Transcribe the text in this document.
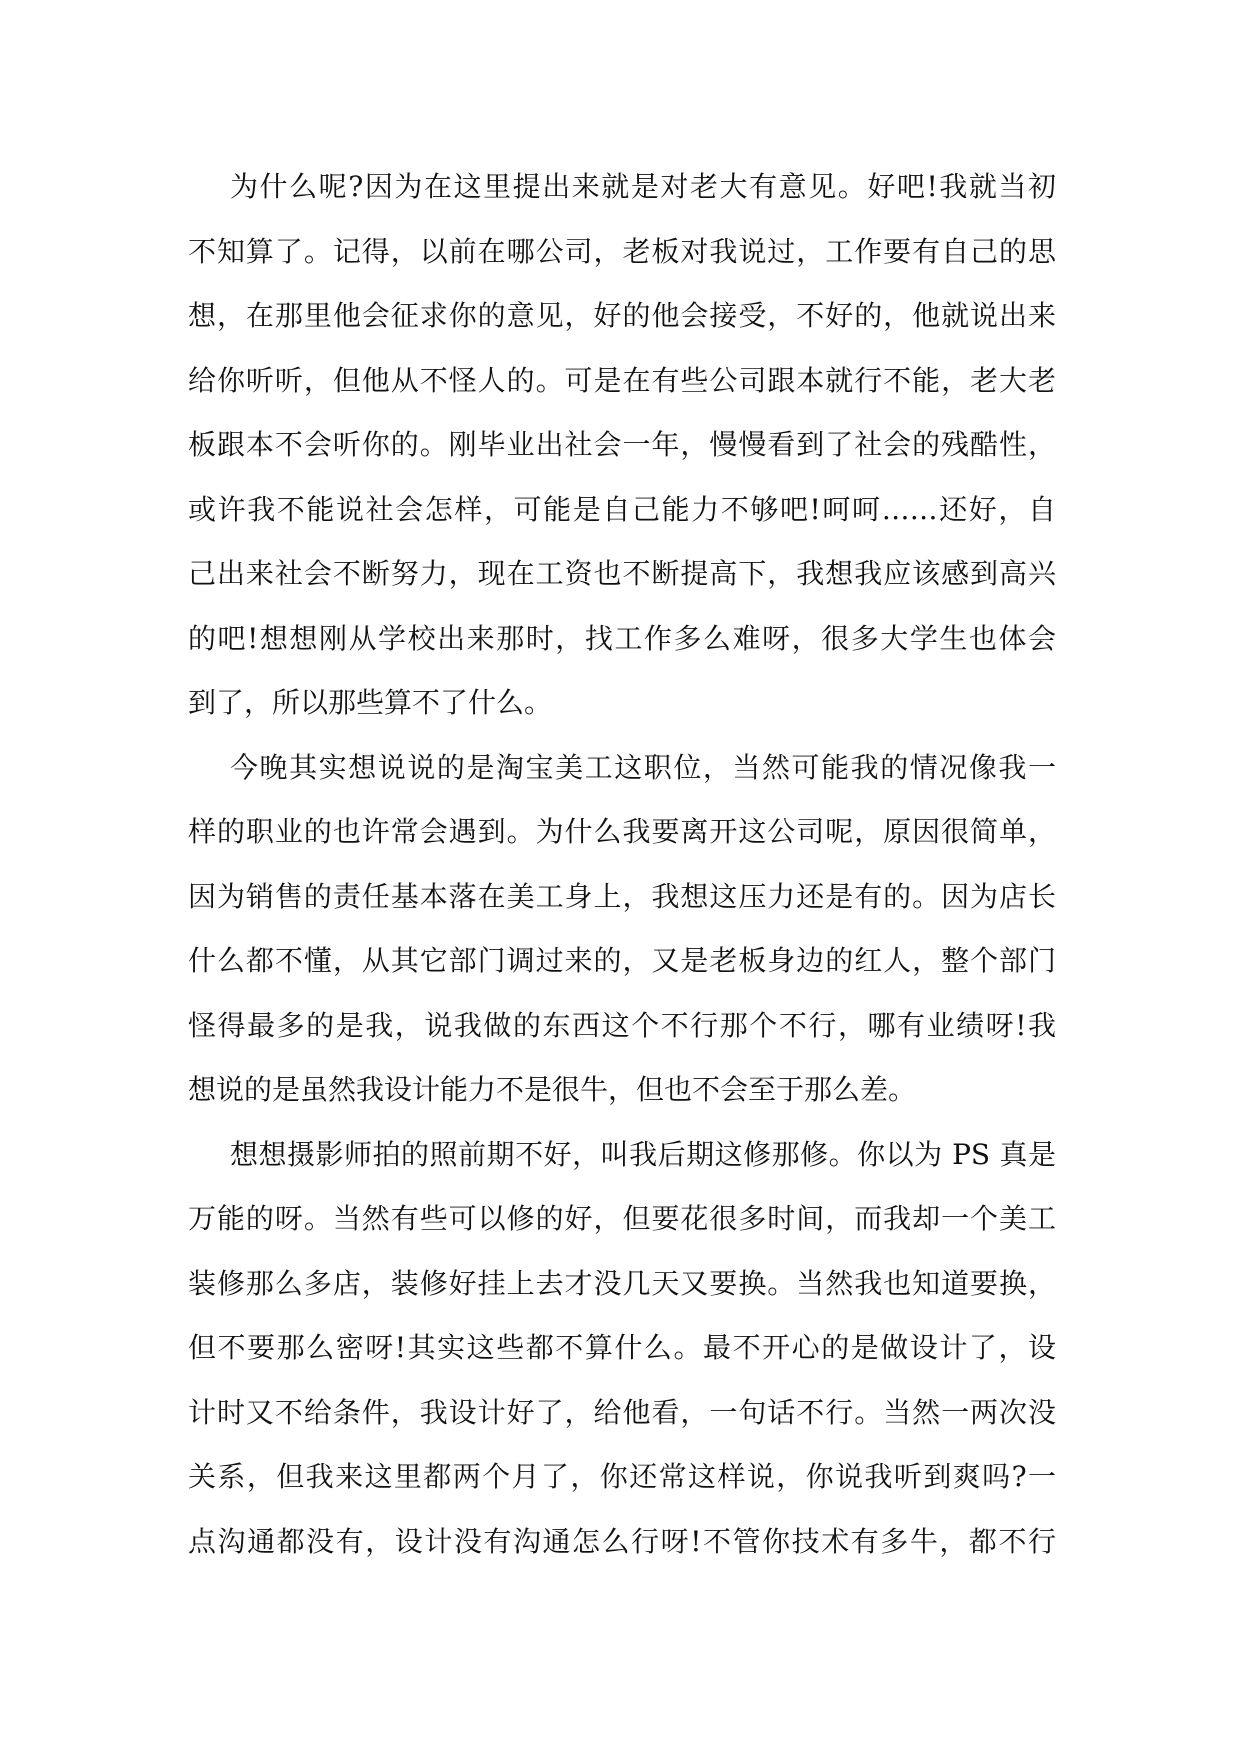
为什么呢?因为在这里提出来就是对老大有意见。好吧!我就当初
不知算了。记得，以前在哪公司，老板对我说过，工作要有自己的思
想，在那里他会征求你的意见，好的他会接受，不好的，他就说出来
给你听听，但他从不怪人的。可是在有些公司跟本就行不能，老大老
板跟本不会听你的。刚毕业出社会一年，慢慢看到了社会的残酷性，
或许我不能说社会怎样，可能是自己能力不够吧!呵呵……还好，自
己出来社会不断努力，现在工资也不断提高下，我想我应该感到高兴
的吧!想想刚从学校出来那时，找工作多么难呀，很多大学生也体会
到了，所以那些算不了什么。
今晚其实想说说的是淘宝美工这职位，当然可能我的情况像我一
样的职业的也许常会遇到。为什么我要离开这公司呢，原因很简单，
因为销售的责任基本落在美工身上，我想这压力还是有的。因为店长
什么都不懂，从其它部门调过来的，又是老板身边的红人，整个部门
怪得最多的是我，说我做的东西这个不行那个不行，哪有业绩呀!我
想说的是虽然我设计能力不是很牛，但也不会至于那么差。
想想摄影师拍的照前期不好，叫我后期这修那修。你以为 PS 真是
万能的呀。当然有些可以修的好，但要花很多时间，而我却一个美工
装修那么多店，装修好挂上去才没几天又要换。当然我也知道要换，
但不要那么密呀!其实这些都不算什么。最不开心的是做设计了，设
计时又不给条件，我设计好了，给他看，一句话不行。当然一两次没
关系，但我来这里都两个月了，你还常这样说，你说我听到爽吗?一
点沟通都没有，设计没有沟通怎么行呀!不管你技术有多牛，都不行
